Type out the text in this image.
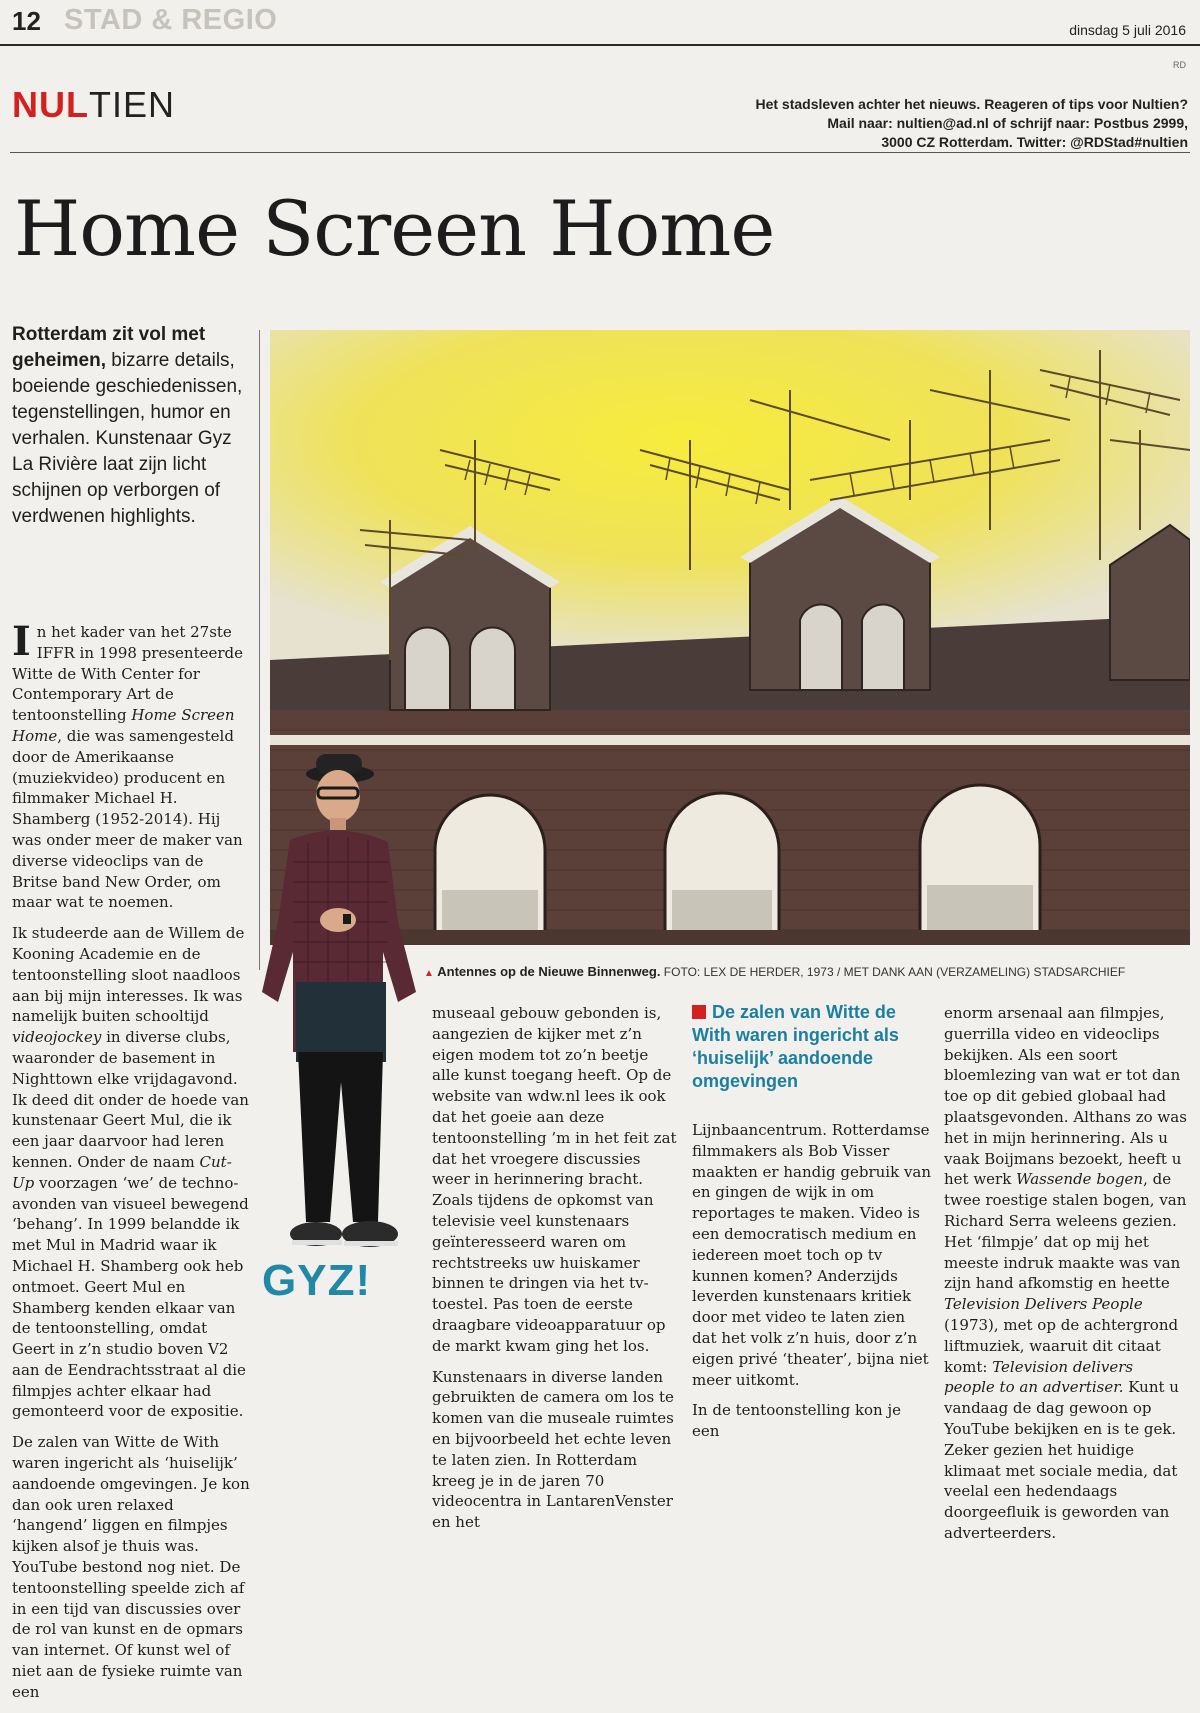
12 STAD & REGIO	dinsdag 5 juli 2016
RD
NULTIEN	Het stadsleven achter het nieuws. Reageren of tips voor Nultien?
Mail naar: nultien@ad.nl of schrijf naar: Postbus 2999,
3000 CZ Rotterdam. Twitter: @RDStad#nultien
Home Screen Home
Rotterdam zit vol met geheimen, bizarre details, boeiende geschiedenissen, tegenstellingen, humor en verhalen. Kunstenaar Gyz La Rivière laat zijn licht schijnen op verborgen of verdwenen highlights.
▲ Antennes op de Nieuwe Binnenweg. FOTO: LEX DE HERDER, 1973 / MET DANK AAN (VERZAMELING) STADSARCHIEF

In het kader van het 27ste IFFR in 1998 presenteerde Witte de With Center for Contemporary Art de tentoonstelling Home Screen Home, die was samengesteld door de Amerikaanse (muziekvideo) producent en filmmaker Michael H. Shamberg (1952-2014). Hij was onder meer de maker van diverse videoclips van de Britse band New Order, om maar wat te noemen.

Ik studeerde aan de Willem de Kooning Academie en de tentoonstelling sloot naadloos aan bij mijn interesses. Ik was namelijk buiten schooltijd videojockey in diverse clubs, waaronder de basement in Nighttown elke vrijdagavond. Ik deed dit onder de hoede van kunstenaar Geert Mul, die ik een jaar daarvoor had leren kennen. Onder de naam Cut-Up voorzagen ‘we’ de techno-avonden van visueel bewegend ‘behang’. In 1999 belandde ik met Mul in Madrid waar ik Michael H. Shamberg ook heb ontmoet. Geert Mul en Shamberg kenden elkaar van de tentoonstelling, omdat Geert in z’n studio boven V2 aan de Eendrachtsstraat al die filmpjes achter elkaar had gemonteerd voor de expositie.

De zalen van Witte de With waren ingericht als ‘huiselijk’ aandoende omgevingen. Je kon dan ook uren relaxed ‘hangend’ liggen en filmpjes kijken alsof je thuis was. YouTube bestond nog niet. De tentoonstelling speelde zich af in een tijd van discussies over de rol van kunst en de opmars van internet. Of kunst wel of niet aan de fysieke ruimte van een

museaal gebouw gebonden is, aangezien de kijker met z’n eigen modem tot zo’n beetje alle kunst toegang heeft. Op de website van wdw.nl lees ik ook dat het goeie aan deze tentoonstelling ’m in het feit zat dat het vroegere discussies weer in herinnering bracht. Zoals tijdens de opkomst van televisie veel kunstenaars geïnteresseerd waren om rechtstreeks uw huiskamer binnen te dringen via het tv-toestel. Pas toen de eerste draagbare videoapparatuur op de markt kwam ging het los.

Kunstenaars in diverse landen gebruikten de camera om los te komen van die museale ruimtes en bijvoorbeeld het echte leven te laten zien. In Rotterdam kreeg je in de jaren 70 videocentra in LantarenVenster en het

De zalen van Witte de With waren ingericht als ‘huiselijk’ aandoende omgevingen

Lijnbaancentrum. Rotterdamse filmmakers als Bob Visser maakten er handig gebruik van en gingen de wijk in om reportages te maken. Video is een democratisch medium en iedereen moet toch op tv kunnen komen? Anderzijds leverden kunstenaars kritiek door met video te laten zien dat het volk z’n huis, door z’n eigen privé ‘theater’, bijna niet meer uitkomt.

In de tentoonstelling kon je een

enorm arsenaal aan filmpjes, guerrilla video en videoclips bekijken. Als een soort bloemlezing van wat er tot dan toe op dit gebied globaal had plaatsgevonden. Althans zo was het in mijn herinnering. Als u vaak Boijmans bezoekt, heeft u het werk Wassende bogen, de twee roestige stalen bogen, van Richard Serra weleens gezien. Het ‘filmpje’ dat op mij het meeste indruk maakte was van zijn hand afkomstig en heette Television Delivers People (1973), met op de achtergrond liftmuziek, waaruit dit citaat komt: Television delivers people to an advertiser. Kunt u vandaag de dag gewoon op YouTube bekijken en is te gek. Zeker gezien het huidige klimaat met sociale media, dat veelal een hedendaags doorgeefluik is geworden van adverteerders.

GYZ!
